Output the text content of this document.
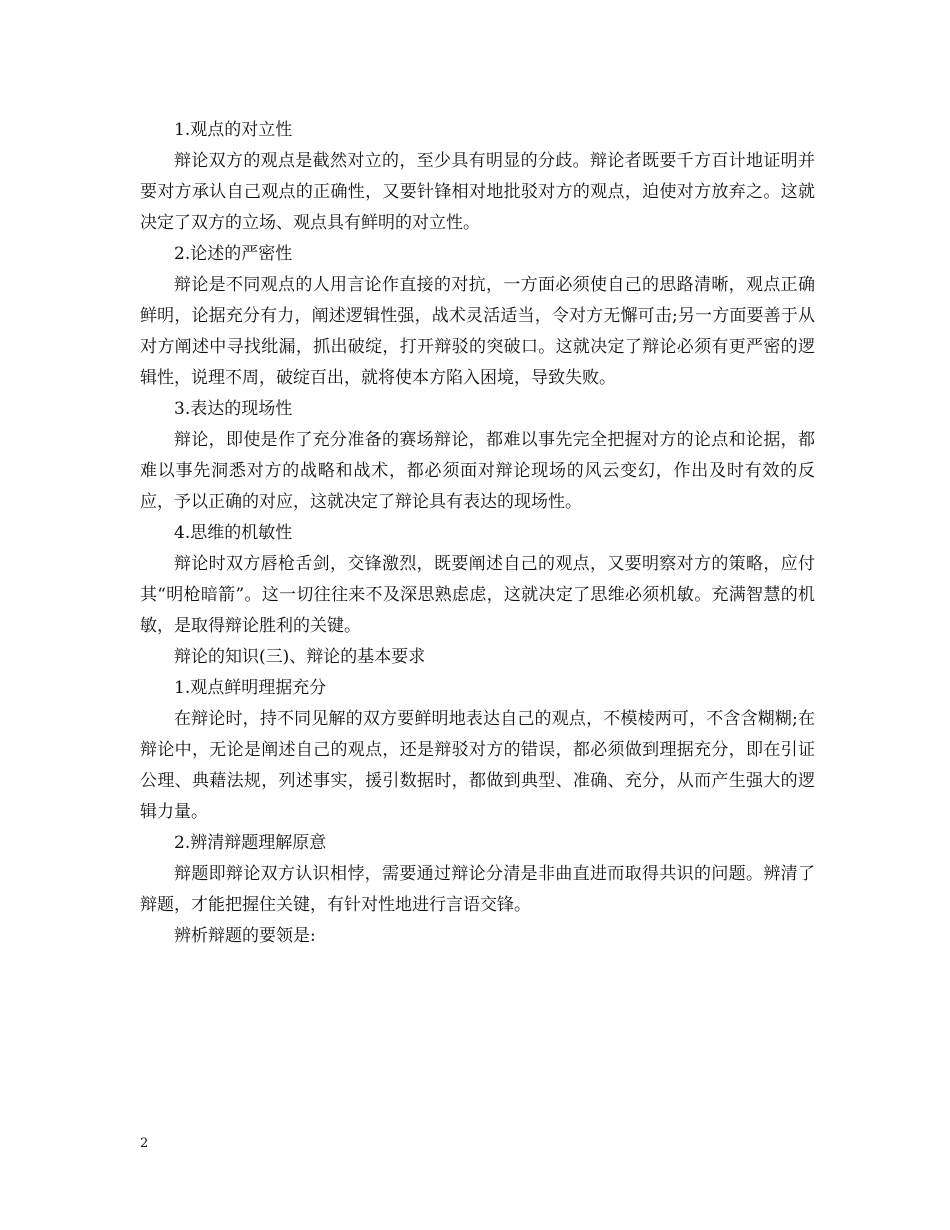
1.观点的对立性

辩论双方的观点是截然对立的，至少具有明显的分歧。辩论者既要千方百计地证明并要对方承认自己观点的正确性，又要针锋相对地批驳对方的观点，迫使对方放弃之。这就决定了双方的立场、观点具有鲜明的对立性。

2.论述的严密性

辩论是不同观点的人用言论作直接的对抗，一方面必须使自己的思路清晰，观点正确鲜明，论据充分有力，阐述逻辑性强，战术灵活适当，令对方无懈可击;另一方面要善于从对方阐述中寻找纰漏，抓出破绽，打开辩驳的突破口。这就决定了辩论必须有更严密的逻辑性，说理不周，破绽百出，就将使本方陷入困境，导致失败。

3.表达的现场性

辩论，即使是作了充分准备的赛场辩论，都难以事先完全把握对方的论点和论据，都难以事先洞悉对方的战略和战术，都必须面对辩论现场的风云变幻，作出及时有效的反应，予以正确的对应，这就决定了辩论具有表达的现场性。

4.思维的机敏性

辩论时双方唇枪舌剑，交锋激烈，既要阐述自己的观点，又要明察对方的策略，应付其“明枪暗箭”。这一切往往来不及深思熟虑虑，这就决定了思维必须机敏。充满智慧的机敏，是取得辩论胜利的关键。

辩论的知识(三)、辩论的基本要求

1.观点鲜明理据充分

在辩论时，持不同见解的双方要鲜明地表达自己的观点，不模棱两可，不含含糊糊;在辩论中，无论是阐述自己的观点，还是辩驳对方的错误，都必须做到理据充分，即在引证公理、典藉法规，列述事实，援引数据时，都做到典型、准确、充分，从而产生强大的逻辑力量。

2.辨清辩题理解原意

辩题即辩论双方认识相悖，需要通过辩论分清是非曲直进而取得共识的问题。辨清了辩题，才能把握住关键，有针对性地进行言语交锋。

辨析辩题的要领是:

2
